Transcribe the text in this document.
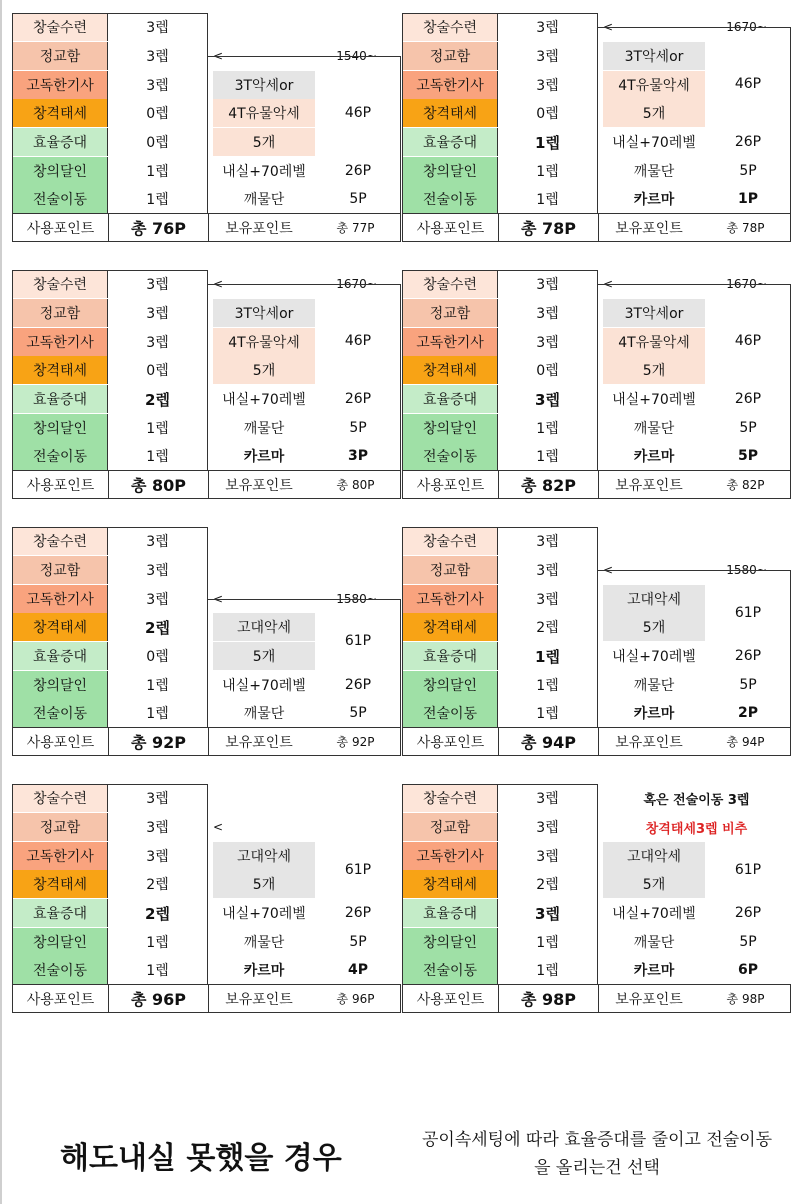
창술수련	3렙
정교함	3렙
고독한기사	3렙
창격태세	0렙
효율증대	0렙
창의달인	1렙
전술이동	1렙
<	1540~
3T악세or
4T유물악세
5개
46P
내실+70레벨	26P
깨물단	5P
사용포인트	총 76P	보유포인트	총 77P
창술수련	3렙
정교함	3렙
고독한기사	3렙
창격태세	0렙
효율증대	1렙
창의달인	1렙
전술이동	1렙
<	1670~
3T악세or
4T유물악세
5개
46P
내실+70레벨	26P
깨물단	5P
카르마	1P
사용포인트	총 78P	보유포인트	총 78P
창술수련	3렙
정교함	3렙
고독한기사	3렙
창격태세	0렙
효율증대	2렙
창의달인	1렙
전술이동	1렙
<	1670~
3T악세or
4T유물악세
5개
46P
내실+70레벨	26P
깨물단	5P
카르마	3P
사용포인트	총 80P	보유포인트	총 80P
창술수련	3렙
정교함	3렙
고독한기사	3렙
창격태세	0렙
효율증대	3렙
창의달인	1렙
전술이동	1렙
<	1670~
3T악세or
4T유물악세
5개
46P
내실+70레벨	26P
깨물단	5P
카르마	5P
사용포인트	총 82P	보유포인트	총 82P
창술수련	3렙
정교함	3렙
고독한기사	3렙
창격태세	2렙
효율증대	0렙
창의달인	1렙
전술이동	1렙
<	1580~
고대악세
5개
61P
내실+70레벨	26P
깨물단	5P
사용포인트	총 92P	보유포인트	총 92P
창술수련	3렙
정교함	3렙
고독한기사	3렙
창격태세	2렙
효율증대	1렙
창의달인	1렙
전술이동	1렙
<	1580~
고대악세
5개
61P
내실+70레벨	26P
깨물단	5P
카르마	2P
사용포인트	총 94P	보유포인트	총 94P
창술수련	3렙
정교함	3렙
고독한기사	3렙
창격태세	2렙
효율증대	2렙
창의달인	1렙
전술이동	1렙
<
고대악세
5개
61P
내실+70레벨	26P
깨물단	5P
카르마	4P
사용포인트	총 96P	보유포인트	총 96P
창술수련	3렙
정교함	3렙
고독한기사	3렙
창격태세	2렙
효율증대	3렙
창의달인	1렙
전술이동	1렙
고대악세
5개
61P
내실+70레벨	26P
깨물단	5P
카르마	6P
혹은 전술이동 3렙
창격태세3렙 비추
사용포인트	총 98P	보유포인트	총 98P
해도내실 못했을 경우
공이속세팅에 따라 효율증대를 줄이고 전술이동
을 올리는건 선택
